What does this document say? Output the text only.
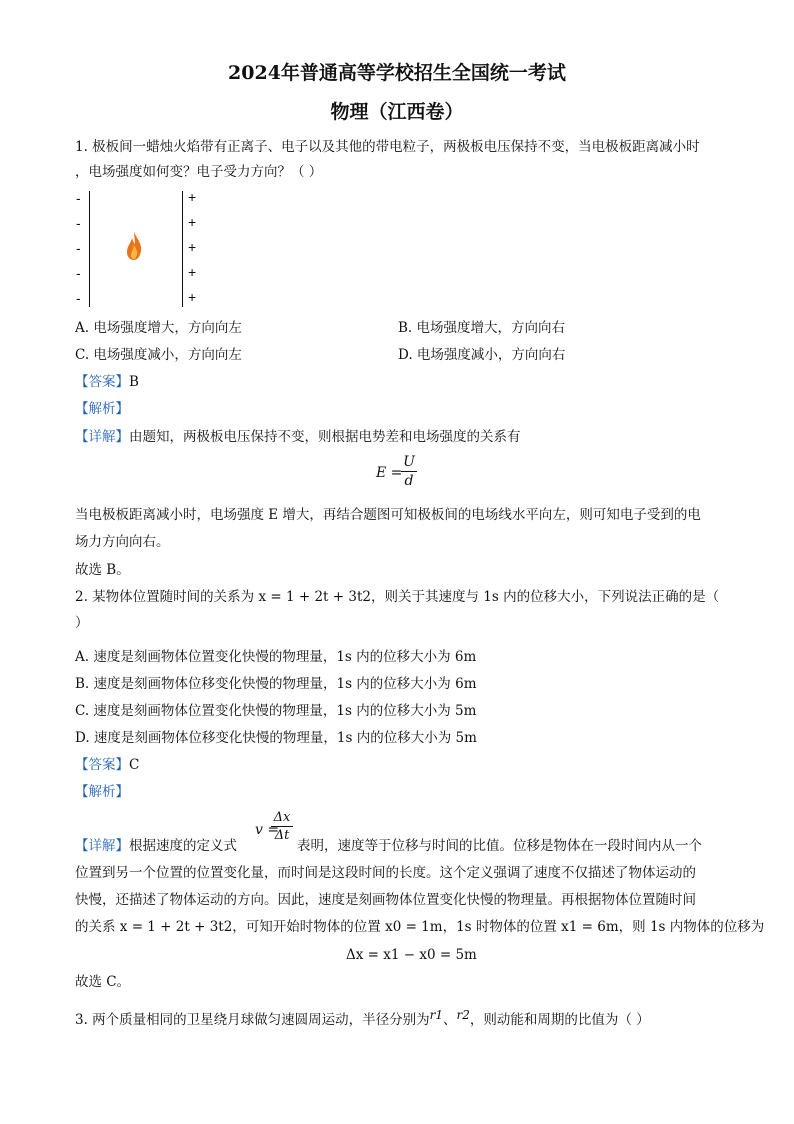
2024年普通高等学校招生全国统一考试
物理（江西卷）
1. 极板间一蜡烛火焰带有正离子、电子以及其他的带电粒子，两极板电压保持不变，当电极板距离减小时
，电场强度如何变？电子受力方向？（ ）
-
-
-
-
-
+
+
+
+
+
A. 电场强度增大，方向向左	B. 电场强度增大，方向向右
C. 电场强度减小，方向向左	D. 电场强度减小，方向向右
【答案】B
【解析】
【详解】由题知，两极板电压保持不变，则根据电势差和电场强度的关系有
E =
U
d
当电极板距离减小时，电场强度 E 增大，再结合题图可知极板间的电场线水平向左，则可知电子受到的电
场力方向向右。
故选 B。
2. 某物体位置随时间的关系为 x = 1 + 2t + 3t2，则关于其速度与 1s 内的位移大小，下列说法正确的是（
）
A. 速度是刻画物体位置变化快慢的物理量，1s 内的位移大小为 6m
B. 速度是刻画物体位移变化快慢的物理量，1s 内的位移大小为 6m
C. 速度是刻画物体位置变化快慢的物理量，1s 内的位移大小为 5m
D. 速度是刻画物体位移变化快慢的物理量，1s 内的位移大小为 5m
【答案】C
【解析】
【详解】根据速度的定义式
v =
Δx
Δt
表明，速度等于位移与时间的比值。位移是物体在一段时间内从一个
位置到另一个位置的位置变化量，而时间是这段时间的长度。这个定义强调了速度不仅描述了物体运动的
快慢，还描述了物体运动的方向。因此，速度是刻画物体位置变化快慢的物理量。再根据物体位置随时间
的关系 x = 1 + 2t + 3t2，可知开始时物体的位置 x0 = 1m，1s 时物体的位置 x1 = 6m，则 1s 内物体的位移为
Δx = x1 − x0 = 5m
故选 C。
3. 两个质量相同的卫星绕月球做匀速圆周运动，半径分别为r1、r2，则动能和周期的比值为（ ）
